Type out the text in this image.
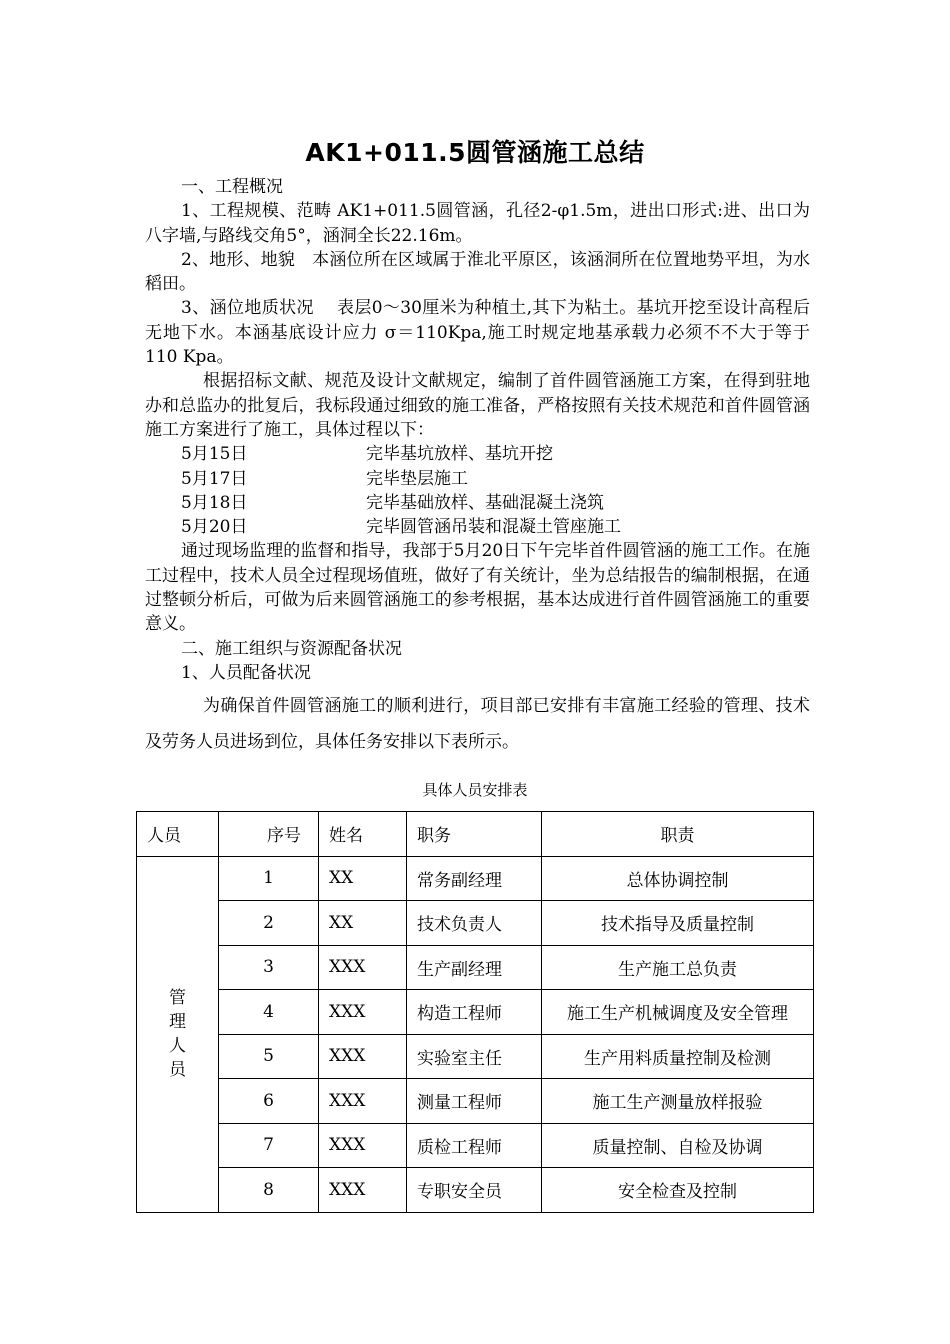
AK1+011.5圆管涵施工总结

一、工程概况

1、工程规模、范畴 AK1+011.5圆管涵，孔径2-φ1.5m，进出口形式:进、出口为八字墙,与路线交角5°，涵洞全长22.16m。

2、地形、地貌　本涵位所在区域属于淮北平原区，该涵洞所在位置地势平坦，为水稻田。

3、涵位地质状况　 表层0～30厘米为种植土,其下为粘土。基坑开挖至设计高程后无地下水。本涵基底设计应力 σ＝110Kpa,施工时规定地基承载力必须不不大于等于110 Kpa。

根据招标文献、规范及设计文献规定，编制了首件圆管涵施工方案，在得到驻地办和总监办的批复后，我标段通过细致的施工准备，严格按照有关技术规范和首件圆管涵施工方案进行了施工，具体过程以下：

5月15日	完毕基坑放样、基坑开挖
5月17日	完毕垫层施工
5月18日	完毕基础放样、基础混凝土浇筑
5月20日	完毕圆管涵吊装和混凝土管座施工

通过现场监理的监督和指导，我部于5月20日下午完毕首件圆管涵的施工工作。在施工过程中，技术人员全过程现场值班，做好了有关统计，坐为总结报告的编制根据，在通过整顿分析后，可做为后来圆管涵施工的参考根据，基本达成进行首件圆管涵施工的重要意义。

二、施工组织与资源配备状况

1、人员配备状况

为确保首件圆管涵施工的顺利进行，项目部已安排有丰富施工经验的管理、技术及劳务人员进场到位，具体任务安排以下表所示。

具体人员安排表
人员	序号	姓名	职务	职责

管
理
人
员	1	XX	常务副经理	总体协调控制
	2	XX	技术负责人	技术指导及质量控制
	3	XXX	生产副经理	生产施工总负责
	4	XXX	构造工程师	施工生产机械调度及安全管理
	5	XXX	实验室主任	生产用料质量控制及检测
	6	XXX	测量工程师	施工生产测量放样报验
	7	XXX	质检工程师	质量控制、自检及协调
	8	XXX	专职安全员	安全检查及控制
